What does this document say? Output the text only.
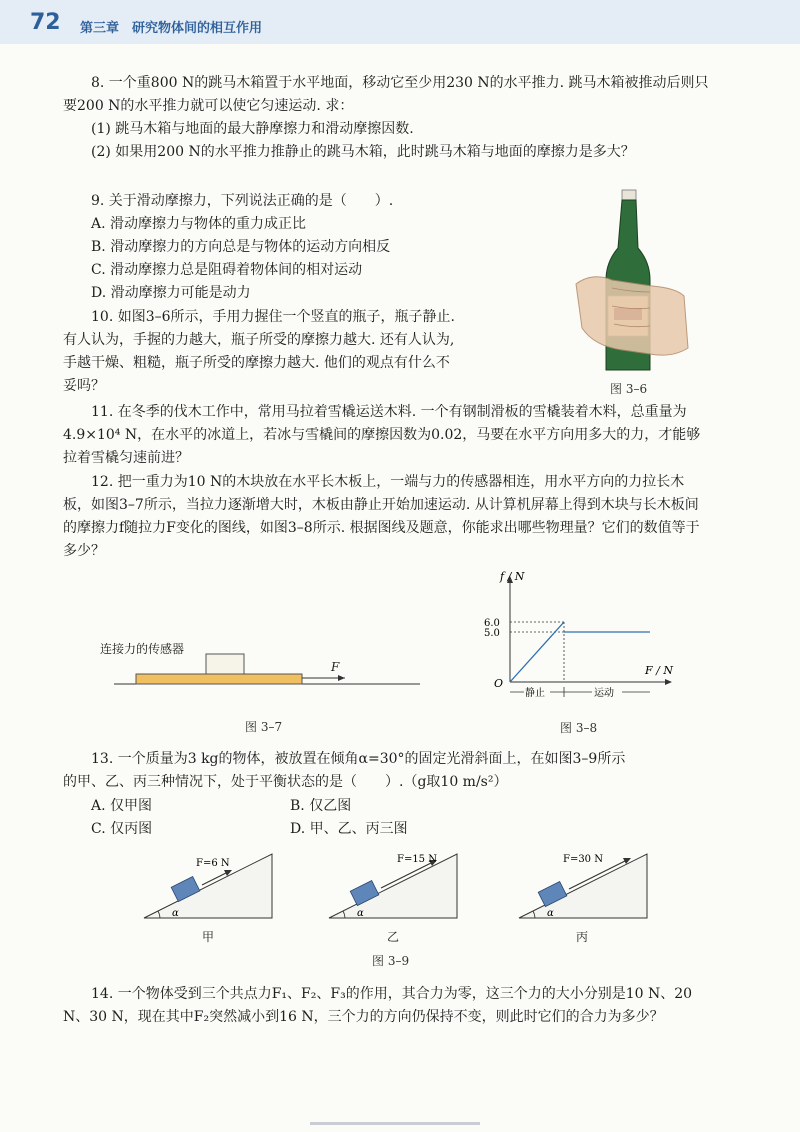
72 第三章　研究物体间的相互作用

8. 一个重800 N的跳马木箱置于水平地面，移动它至少用230 N的水平推力. 跳马木箱被推动后则只要200 N的水平推力就可以使它匀速运动. 求：

(1) 跳马木箱与地面的最大静摩擦力和滑动摩擦因数.

(2) 如果用200 N的水平推力推静止的跳马木箱，此时跳马木箱与地面的摩擦力是多大？

9. 关于滑动摩擦力，下列说法正确的是（　　）.
A. 滑动摩擦力与物体的重力成正比
B. 滑动摩擦力的方向总是与物体的运动方向相反
C. 滑动摩擦力总是阻碍着物体间的相对运动
D. 滑动摩擦力可能是动力
10. 如图3–6所示，手用力握住一个竖直的瓶子，瓶子静止.
有人认为，手握的力越大，瓶子所受的摩擦力越大. 还有人认为,
手越干燥、粗糙，瓶子所受的摩擦力越大. 他们的观点有什么不
妥吗？	图 3–6

11. 在冬季的伐木工作中，常用马拉着雪橇运送木料. 一个有钢制滑板的雪橇装着木料，总重量为4.9×10⁴ N，在水平的冰道上，若冰与雪橇间的摩擦因数为0.02，马要在水平方向用多大的力，才能够拉着雪橇匀速前进？

12. 把一重力为10 N的木块放在水平长木板上，一端与力的传感器相连，用水平方向的力拉长木板，如图3–7所示，当拉力逐渐增大时，木板由静止开始加速运动. 从计算机屏幕上得到木块与长木板间的摩擦力f随拉力F变化的图线，如图3–8所示. 根据图线及题意，你能求出哪些物理量？它们的数值等于多少？

连接力的传感器
F
图 3–7
f / N
F / N
O
6.0
5.0
静止	运动
图 3–8
13. 一个质量为3 kg的物体，被放置在倾角α=30°的固定光滑斜面上，在如图3–9所示
的甲、乙、丙三种情况下，处于平衡状态的是（　　）.（g取10 m/s²）
A. 仅甲图	B. 仅乙图
C. 仅丙图	D. 甲、乙、丙三图
α
F=6 N
甲
α
F=15 N
乙
α
F=30 N
丙
图 3–9

14. 一个物体受到三个共点力F₁、F₂、F₃的作用，其合力为零，这三个力的大小分别是10 N、20 N、30 N，现在其中F₂突然减小到16 N，三个力的方向仍保持不变，则此时它们的合力为多少？
